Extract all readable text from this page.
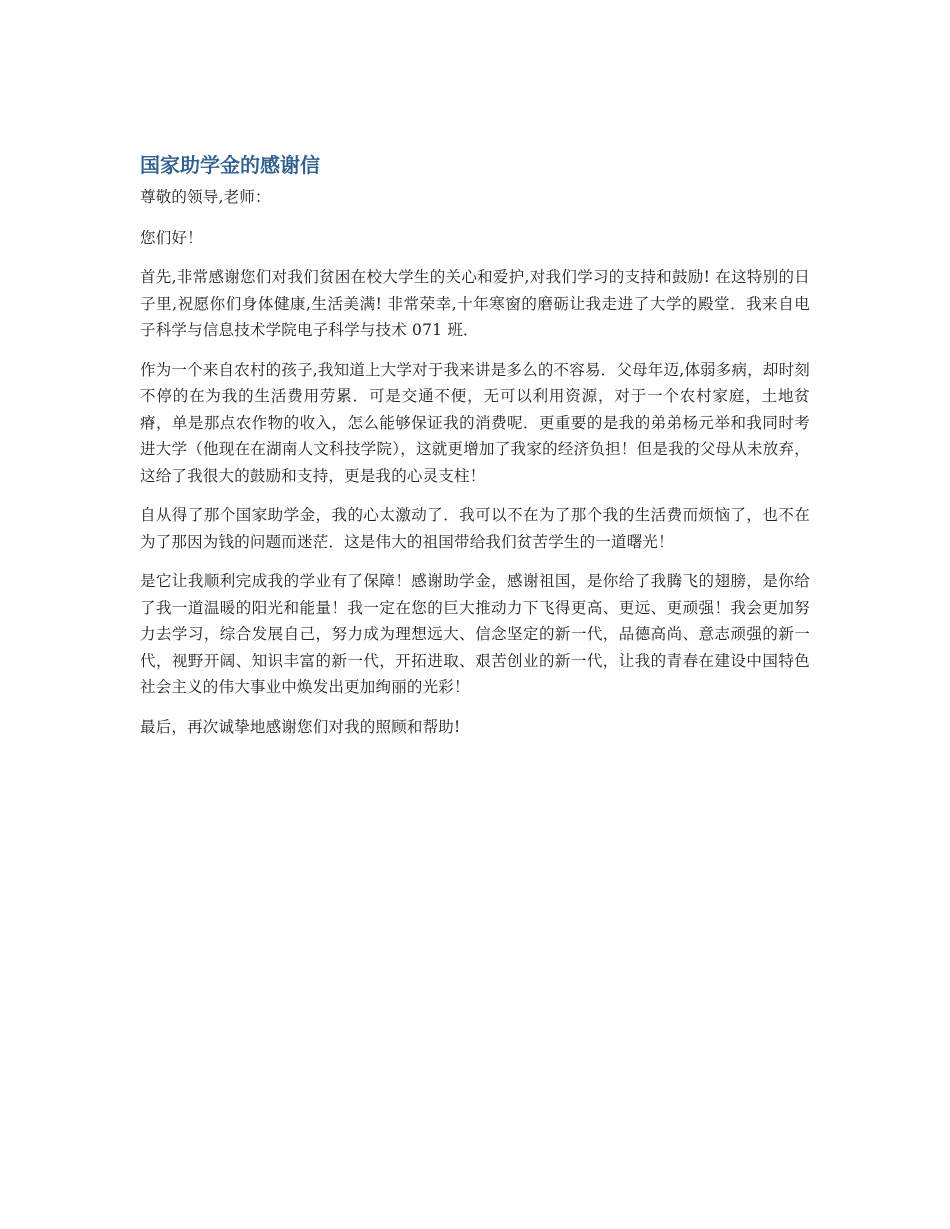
国家助学金的感谢信

尊敬的领导,老师：

您们好！

首先,非常感谢您们对我们贫困在校大学生的关心和爱护,对我们学习的支持和鼓励! 在这特别的日子里,祝愿你们身体健康,生活美满! 非常荣幸,十年寒窗的磨砺让我走进了大学的殿堂．我来自电子科学与信息技术学院电子科学与技术 071 班．

作为一个来自农村的孩子,我知道上大学对于我来讲是多么的不容易．父母年迈,体弱多病，却时刻不停的在为我的生活费用劳累．可是交通不便，无可以利用资源，对于一个农村家庭，土地贫瘠，单是那点农作物的收入，怎么能够保证我的消费呢．更重要的是我的弟弟杨元举和我同时考进大学（他现在在湖南人文科技学院），这就更增加了我家的经济负担！但是我的父母从未放弃，这给了我很大的鼓励和支持，更是我的心灵支柱！

自从得了那个国家助学金，我的心太激动了．我可以不在为了那个我的生活费而烦恼了，也不在为了那因为钱的问题而迷茫．这是伟大的祖国带给我们贫苦学生的一道曙光！

是它让我顺利完成我的学业有了保障！感谢助学金，感谢祖国，是你给了我腾飞的翅膀，是你给了我一道温暖的阳光和能量！我一定在您的巨大推动力下飞得更高、更远、更顽强！我会更加努力去学习，综合发展自己，努力成为理想远大、信念坚定的新一代，品德高尚、意志顽强的新一代，视野开阔、知识丰富的新一代，开拓进取、艰苦创业的新一代，让我的青春在建设中国特色社会主义的伟大事业中焕发出更加绚丽的光彩！

最后，再次诚挚地感谢您们对我的照顾和帮助!
